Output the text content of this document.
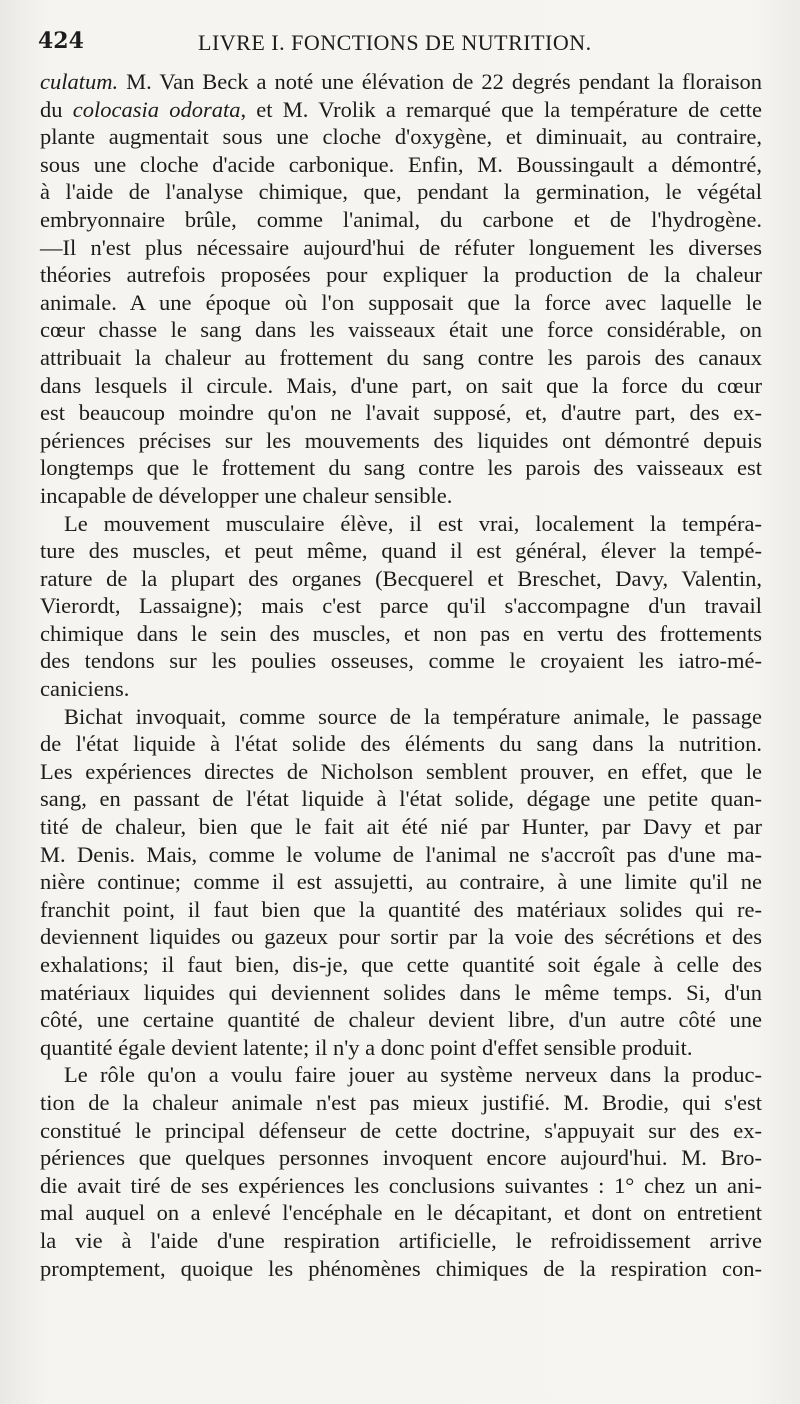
424	LIVRE I. FONCTIONS DE NUTRITION.
culatum. M. Van Beck a noté une élévation de 22 degrés pendant la floraison
du colocasia odorata, et M. Vrolik a remarqué que la température de cette
plante augmentait sous une cloche d'oxygène, et diminuait, au contraire,
sous une cloche d'acide carbonique. Enfin, M. Boussingault a démontré,
à l'aide de l'analyse chimique, que, pendant la germination, le végétal
embryonnaire brûle, comme l'animal, du carbone et de l'hydrogène.
—Il n'est plus nécessaire aujourd'hui de réfuter longuement les diverses
théories autrefois proposées pour expliquer la production de la chaleur
animale. A une époque où l'on supposait que la force avec laquelle le
cœur chasse le sang dans les vaisseaux était une force considérable, on
attribuait la chaleur au frottement du sang contre les parois des canaux
dans lesquels il circule. Mais, d'une part, on sait que la force du cœur
est beaucoup moindre qu'on ne l'avait supposé, et, d'autre part, des ex-
périences précises sur les mouvements des liquides ont démontré depuis
longtemps que le frottement du sang contre les parois des vaisseaux est
incapable de développer une chaleur sensible.
Le mouvement musculaire élève, il est vrai, localement la tempéra-
ture des muscles, et peut même, quand il est général, élever la tempé-
rature de la plupart des organes (Becquerel et Breschet, Davy, Valentin,
Vierordt, Lassaigne); mais c'est parce qu'il s'accompagne d'un travail
chimique dans le sein des muscles, et non pas en vertu des frottements
des tendons sur les poulies osseuses, comme le croyaient les iatro-mé-
caniciens.
Bichat invoquait, comme source de la température animale, le passage
de l'état liquide à l'état solide des éléments du sang dans la nutrition.
Les expériences directes de Nicholson semblent prouver, en effet, que le
sang, en passant de l'état liquide à l'état solide, dégage une petite quan-
tité de chaleur, bien que le fait ait été nié par Hunter, par Davy et par
M. Denis. Mais, comme le volume de l'animal ne s'accroît pas d'une ma-
nière continue; comme il est assujetti, au contraire, à une limite qu'il ne
franchit point, il faut bien que la quantité des matériaux solides qui re-
deviennent liquides ou gazeux pour sortir par la voie des sécrétions et des
exhalations; il faut bien, dis-je, que cette quantité soit égale à celle des
matériaux liquides qui deviennent solides dans le même temps. Si, d'un
côté, une certaine quantité de chaleur devient libre, d'un autre côté une
quantité égale devient latente; il n'y a donc point d'effet sensible produit.
Le rôle qu'on a voulu faire jouer au système nerveux dans la produc-
tion de la chaleur animale n'est pas mieux justifié. M. Brodie, qui s'est
constitué le principal défenseur de cette doctrine, s'appuyait sur des ex-
périences que quelques personnes invoquent encore aujourd'hui. M. Bro-
die avait tiré de ses expériences les conclusions suivantes : 1° chez un ani-
mal auquel on a enlevé l'encéphale en le décapitant, et dont on entretient
la vie à l'aide d'une respiration artificielle, le refroidissement arrive
promptement, quoique les phénomènes chimiques de la respiration con-
